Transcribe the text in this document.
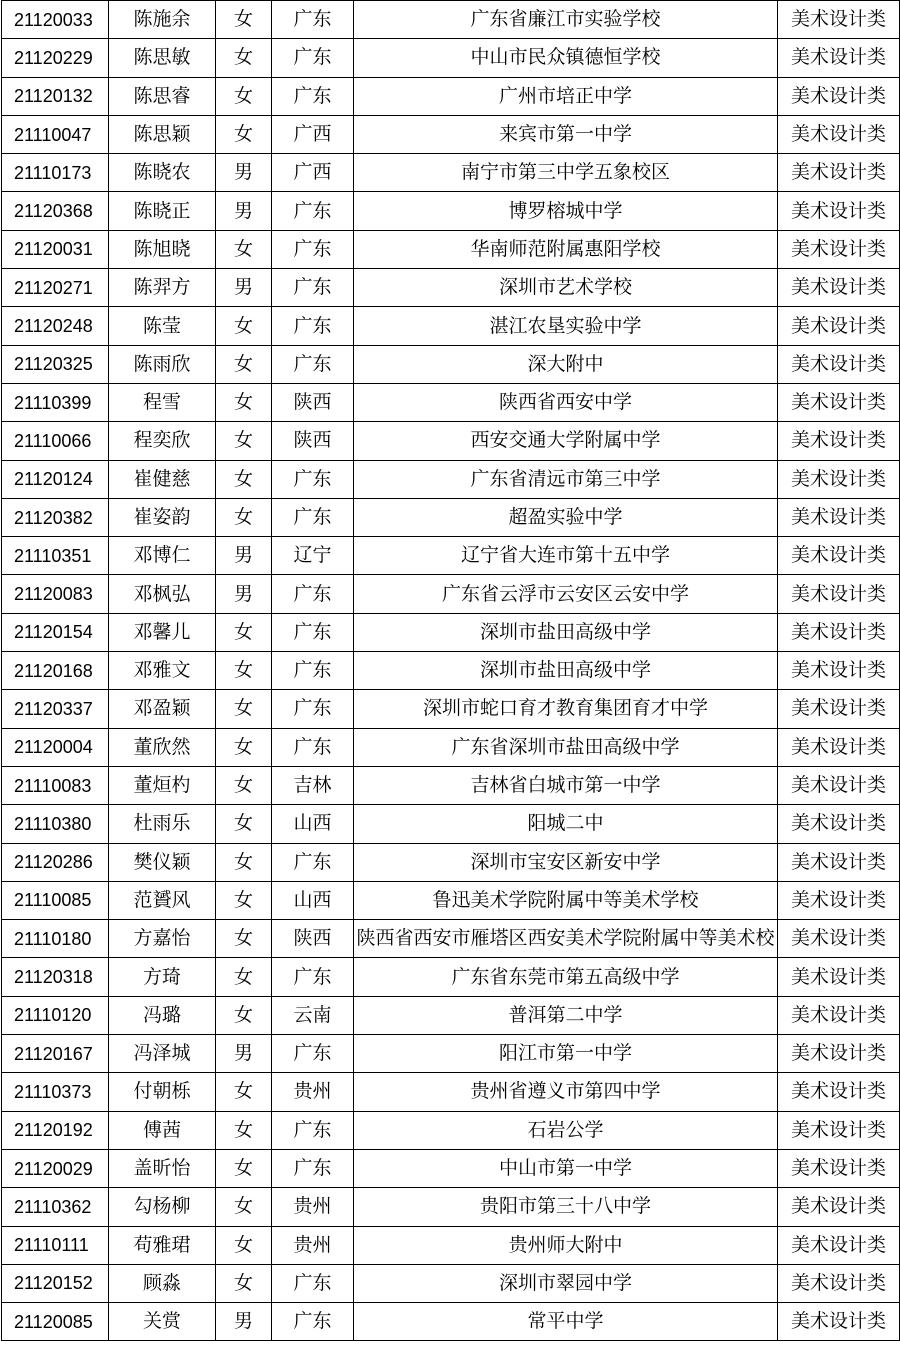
21120033	陈施余	女	广东	广东省廉江市实验学校	美术设计类
21120229	陈思敏	女	广东	中山市民众镇德恒学校	美术设计类
21120132	陈思睿	女	广东	广州市培正中学	美术设计类
21110047	陈思颖	女	广西	来宾市第一中学	美术设计类
21110173	陈晓农	男	广西	南宁市第三中学五象校区	美术设计类
21120368	陈晓正	男	广东	博罗榕城中学	美术设计类
21120031	陈旭晓	女	广东	华南师范附属惠阳学校	美术设计类
21120271	陈羿方	男	广东	深圳市艺术学校	美术设计类
21120248	陈莹	女	广东	湛江农垦实验中学	美术设计类
21120325	陈雨欣	女	广东	深大附中	美术设计类
21110399	程雪	女	陕西	陕西省西安中学	美术设计类
21110066	程奕欣	女	陕西	西安交通大学附属中学	美术设计类
21120124	崔健慈	女	广东	广东省清远市第三中学	美术设计类
21120382	崔姿韵	女	广东	超盈实验中学	美术设计类
21110351	邓博仁	男	辽宁	辽宁省大连市第十五中学	美术设计类
21120083	邓枫弘	男	广东	广东省云浮市云安区云安中学	美术设计类
21120154	邓馨儿	女	广东	深圳市盐田高级中学	美术设计类
21120168	邓雅文	女	广东	深圳市盐田高级中学	美术设计类
21120337	邓盈颖	女	广东	深圳市蛇口育才教育集团育才中学	美术设计类
21120004	董欣然	女	广东	广东省深圳市盐田高级中学	美术设计类
21110083	董烜杓	女	吉林	吉林省白城市第一中学	美术设计类
21110380	杜雨乐	女	山西	阳城二中	美术设计类
21120286	樊仪颖	女	广东	深圳市宝安区新安中学	美术设计类
21110085	范贇风	女	山西	鲁迅美术学院附属中等美术学校	美术设计类
21110180	方嘉怡	女	陕西	陕西省西安市雁塔区西安美术学院附属中等美术校	美术设计类
21120318	方琦	女	广东	广东省东莞市第五高级中学	美术设计类
21110120	冯璐	女	云南	普洱第二中学	美术设计类
21120167	冯泽城	男	广东	阳江市第一中学	美术设计类
21110373	付朝栎	女	贵州	贵州省遵义市第四中学	美术设计类
21120192	傅茜	女	广东	石岩公学	美术设计类
21120029	盖昕怡	女	广东	中山市第一中学	美术设计类
21110362	勾杨柳	女	贵州	贵阳市第三十八中学	美术设计类
21110111	苟雅珺	女	贵州	贵州师大附中	美术设计类
21120152	顾淼	女	广东	深圳市翠园中学	美术设计类
21120085	关赏	男	广东	常平中学	美术设计类
